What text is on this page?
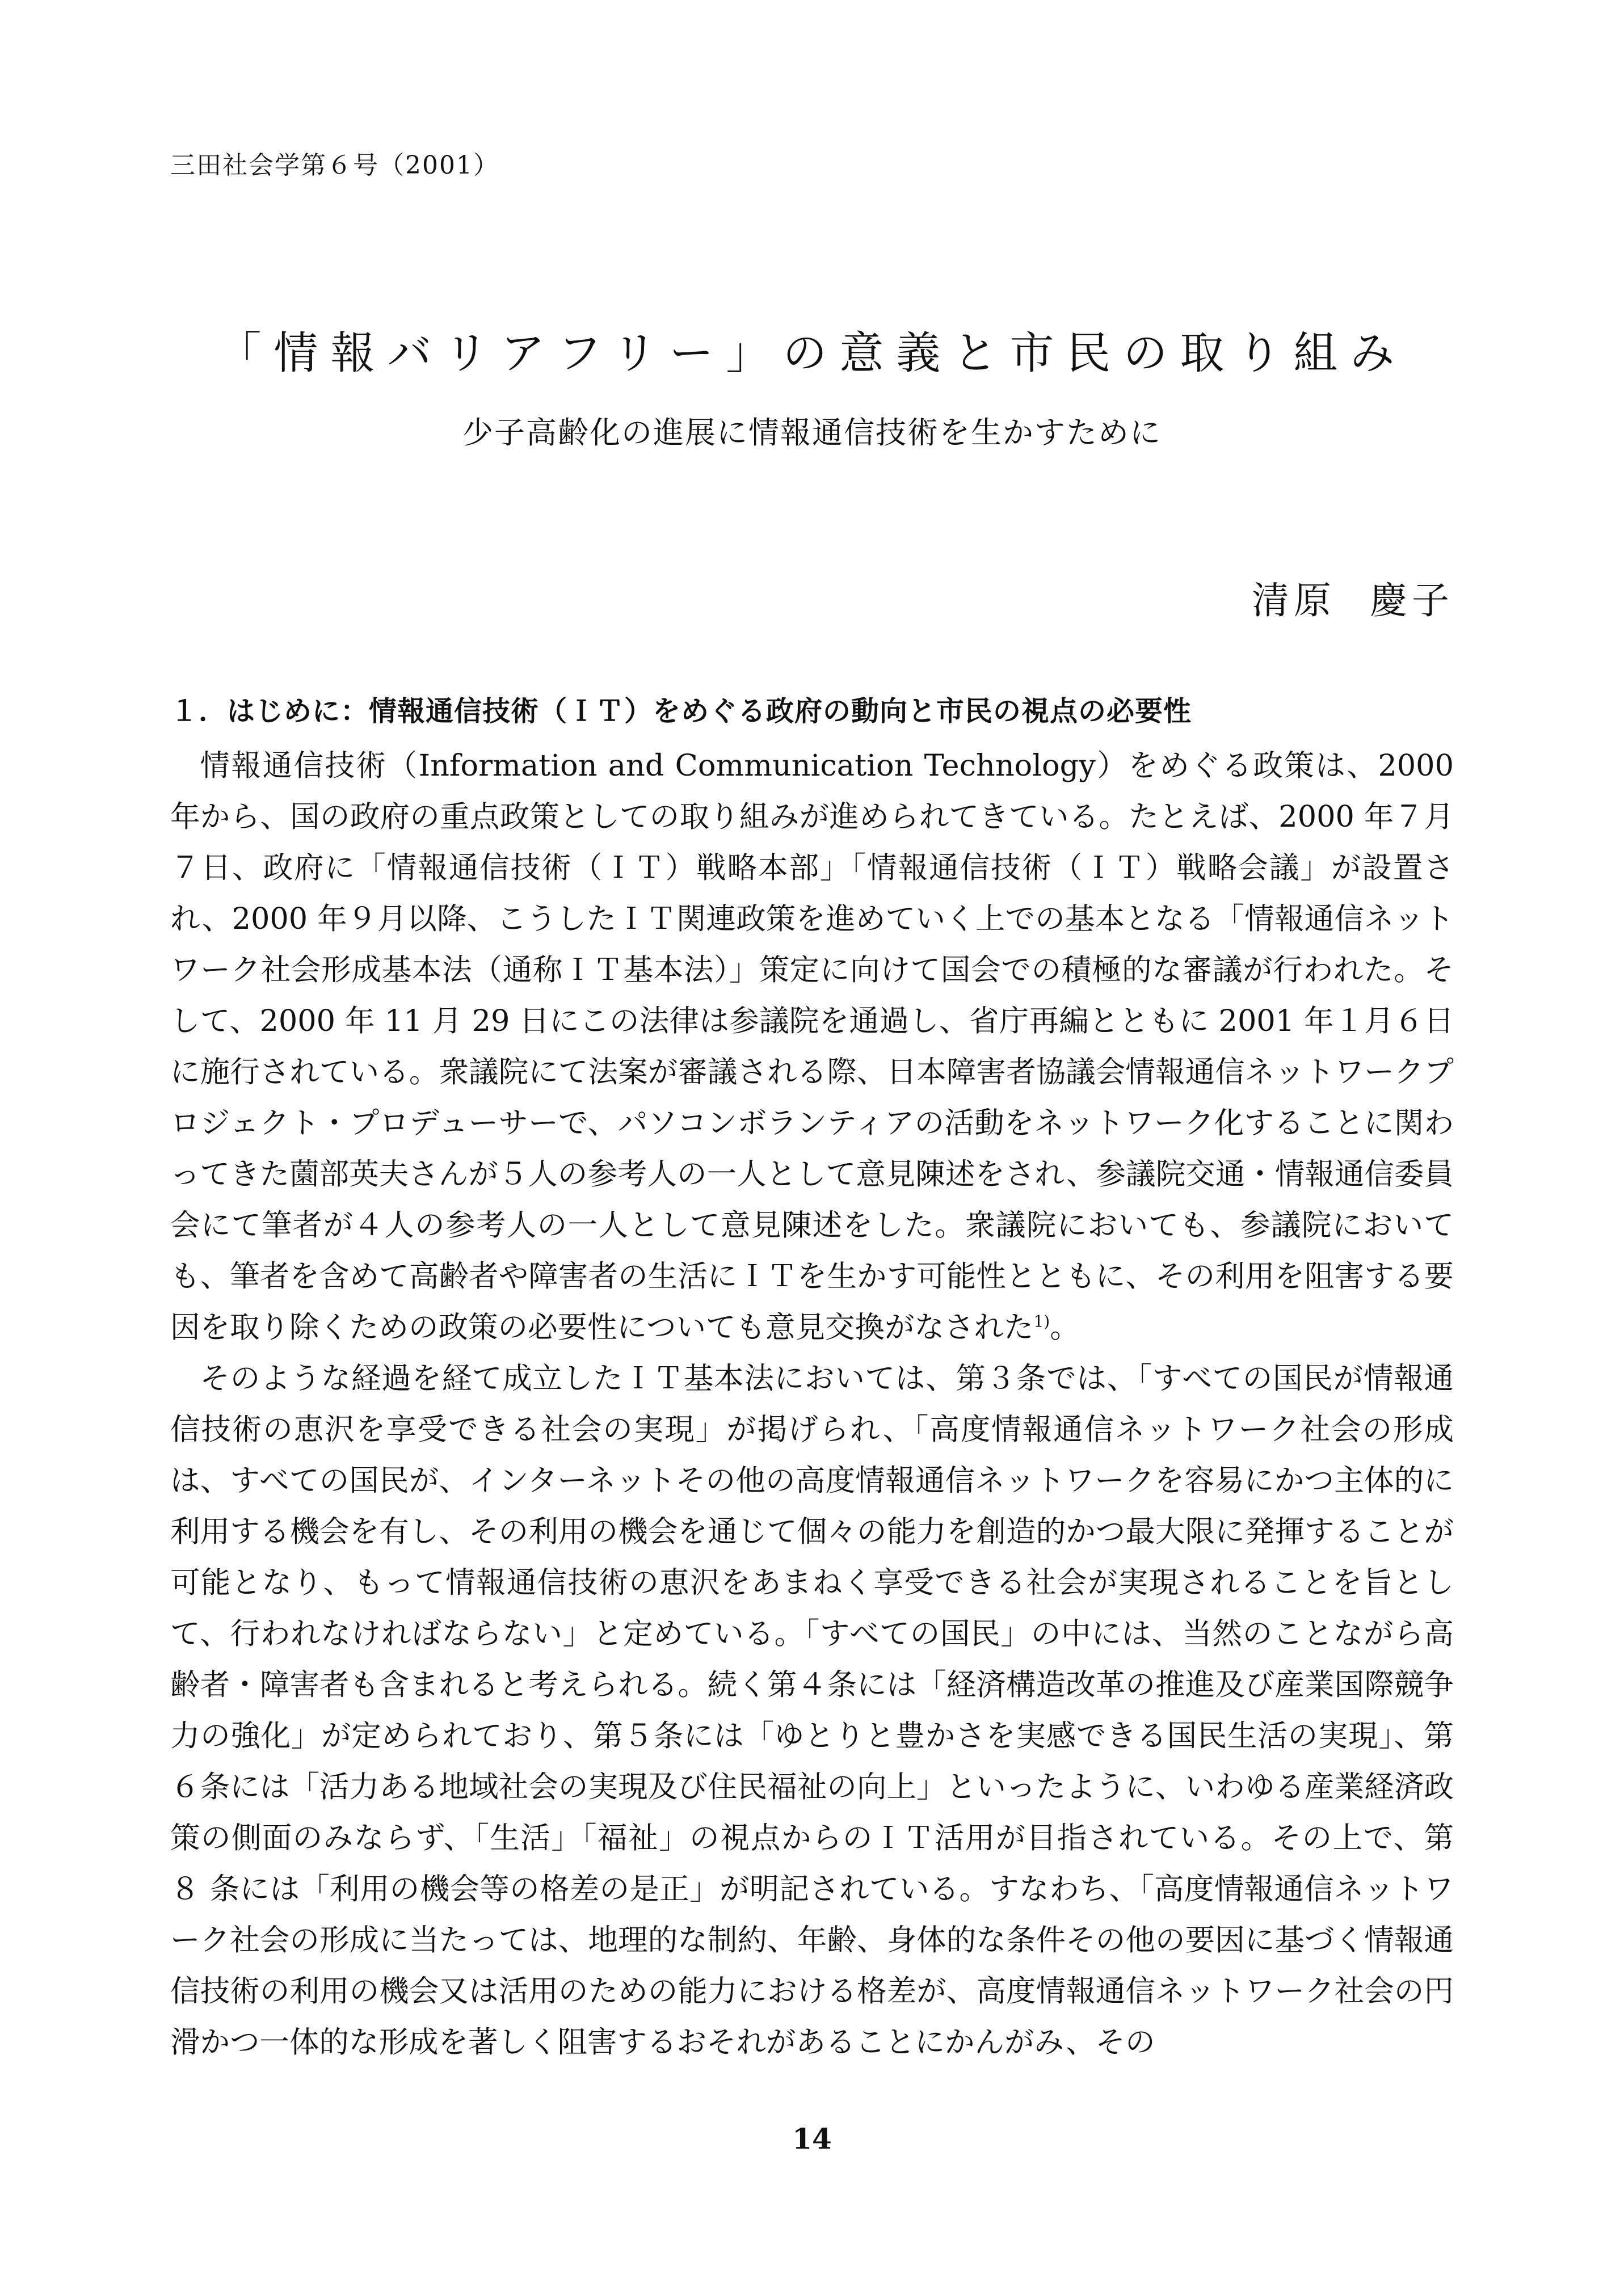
三田社会学第６号（2001）
「情報バリアフリー」の意義と市民の取り組み
少子高齢化の進展に情報通信技術を生かすために
清原 慶子
１．はじめに：情報通信技術（ＩＴ）をめぐる政府の動向と市民の視点の必要性

情報通信技術（Information and Communication Technology）をめぐる政策は、2000 年から、国の政府の重点政策としての取り組みが進められてきている。たとえば、2000 年７月７日、政府に「情報通信技術（ＩＴ）戦略本部」「情報通信技術（ＩＴ）戦略会議」が設置され、2000 年９月以降、こうしたＩＴ関連政策を進めていく上での基本となる「情報通信ネットワーク社会形成基本法（通称ＩＴ基本法）」策定に向けて国会での積極的な審議が行われた。そして、2000 年 11 月 29 日にこの法律は参議院を通過し、省庁再編とともに 2001 年１月６日に施行されている。衆議院にて法案が審議される際、日本障害者協議会情報通信ネットワークプロジェクト・プロデューサーで、パソコンボランティアの活動をネットワーク化することに関わってきた薗部英夫さんが５人の参考人の一人として意見陳述をされ、参議院交通・情報通信委員会にて筆者が４人の参考人の一人として意見陳述をした。衆議院においても、参議院においても、筆者を含めて高齢者や障害者の生活にＩＴを生かす可能性とともに、その利用を阻害する要因を取り除くための政策の必要性についても意見交換がなされた$^{1)}$。

そのような経過を経て成立したＩＴ基本法においては、第３条では、「すべての国民が情報通信技術の恵沢を享受できる社会の実現」が掲げられ、「高度情報通信ネットワーク社会の形成は、すべての国民が、インターネットその他の高度情報通信ネットワークを容易にかつ主体的に利用する機会を有し、その利用の機会を通じて個々の能力を創造的かつ最大限に発揮することが可能となり、もって情報通信技術の恵沢をあまねく享受できる社会が実現されることを旨として、行われなければならない」と定めている。「すべての国民」の中には、当然のことながら高齢者・障害者も含まれると考えられる。続く第４条には「経済構造改革の推進及び産業国際競争力の強化」が定められており、第５条には「ゆとりと豊かさを実感できる国民生活の実現」、第６条には「活力ある地域社会の実現及び住民福祉の向上」といったように、いわゆる産業経済政策の側面のみならず、「生活」「福祉」の視点からのＩＴ活用が目指されている。その上で、第 ８ 条には「利用の機会等の格差の是正」が明記されている。すなわち、「高度情報通信ネットワーク社会の形成に当たっては、地理的な制約、年齢、身体的な条件その他の要因に基づく情報通信技術の利用の機会又は活用のための能力における格差が、高度情報通信ネットワーク社会の円滑かつ一体的な形成を著しく阻害するおそれがあることにかんがみ、その

14
